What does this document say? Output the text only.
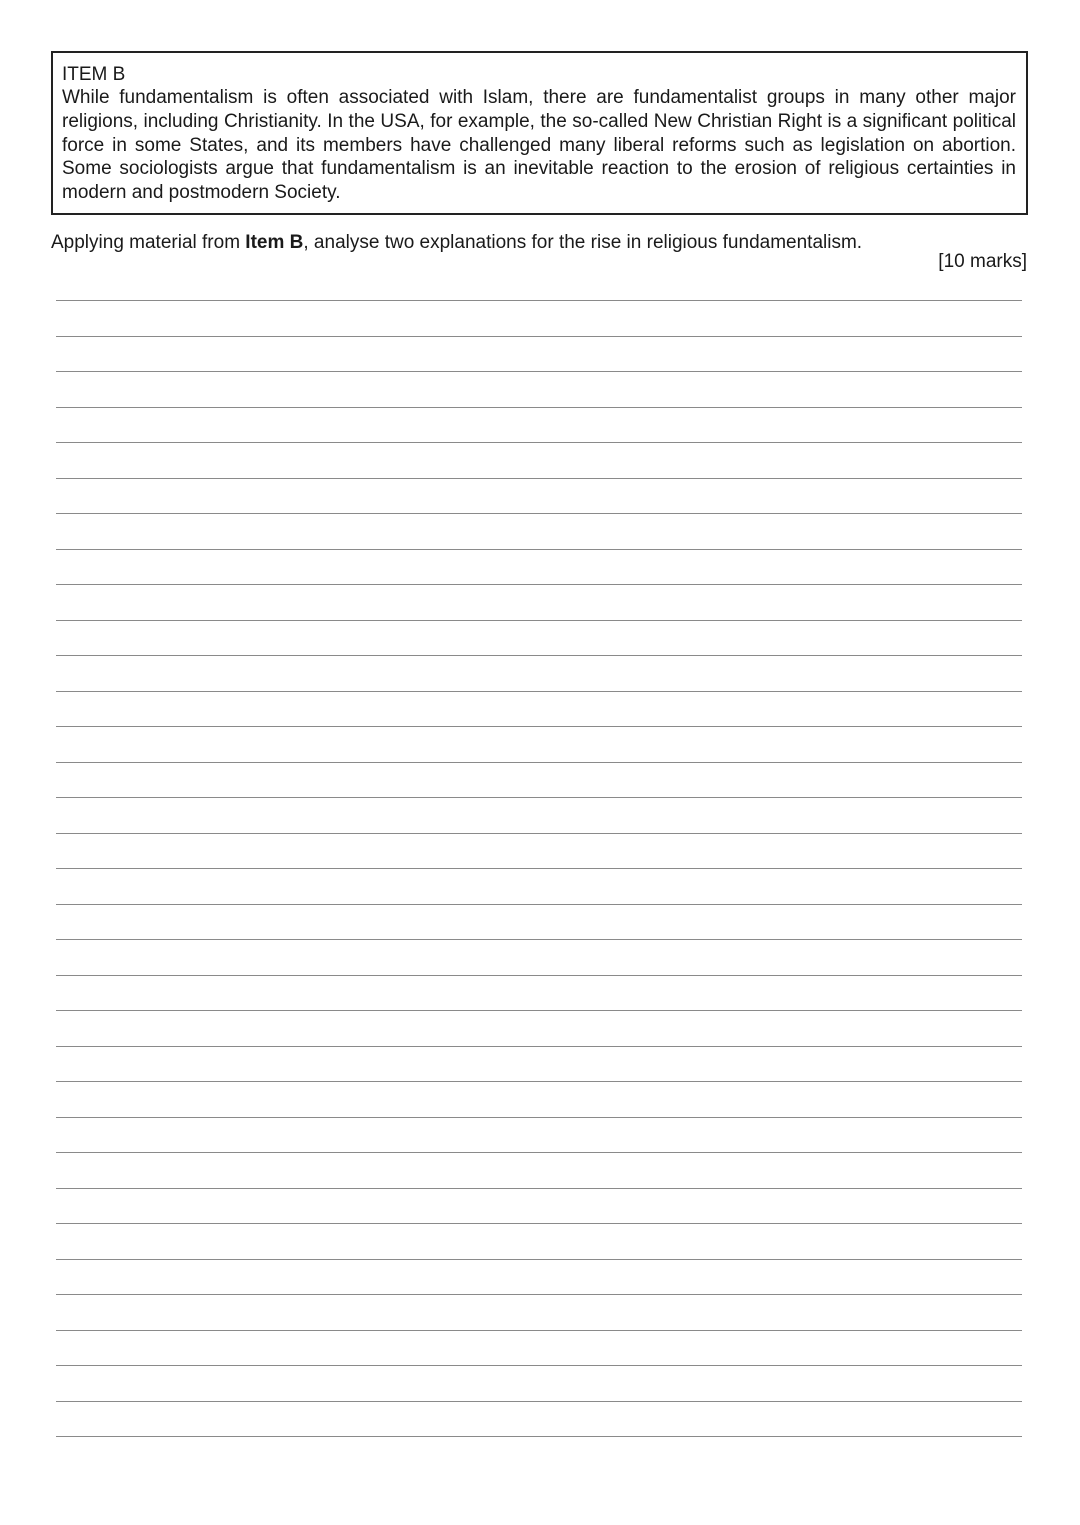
ITEM B

While fundamentalism is often associated with Islam, there are fundamentalist groups in many other major religions, including Christianity. In the USA, for example, the so-called New Christian Right is a significant political force in some States, and its members have challenged many liberal reforms such as legislation on abortion. Some sociologists argue that fundamentalism is an inevitable reaction to the erosion of religious certainties in modern and postmodern Society.

Applying material from Item B, analyse two explanations for the rise in religious fundamentalism.
[10 marks]
